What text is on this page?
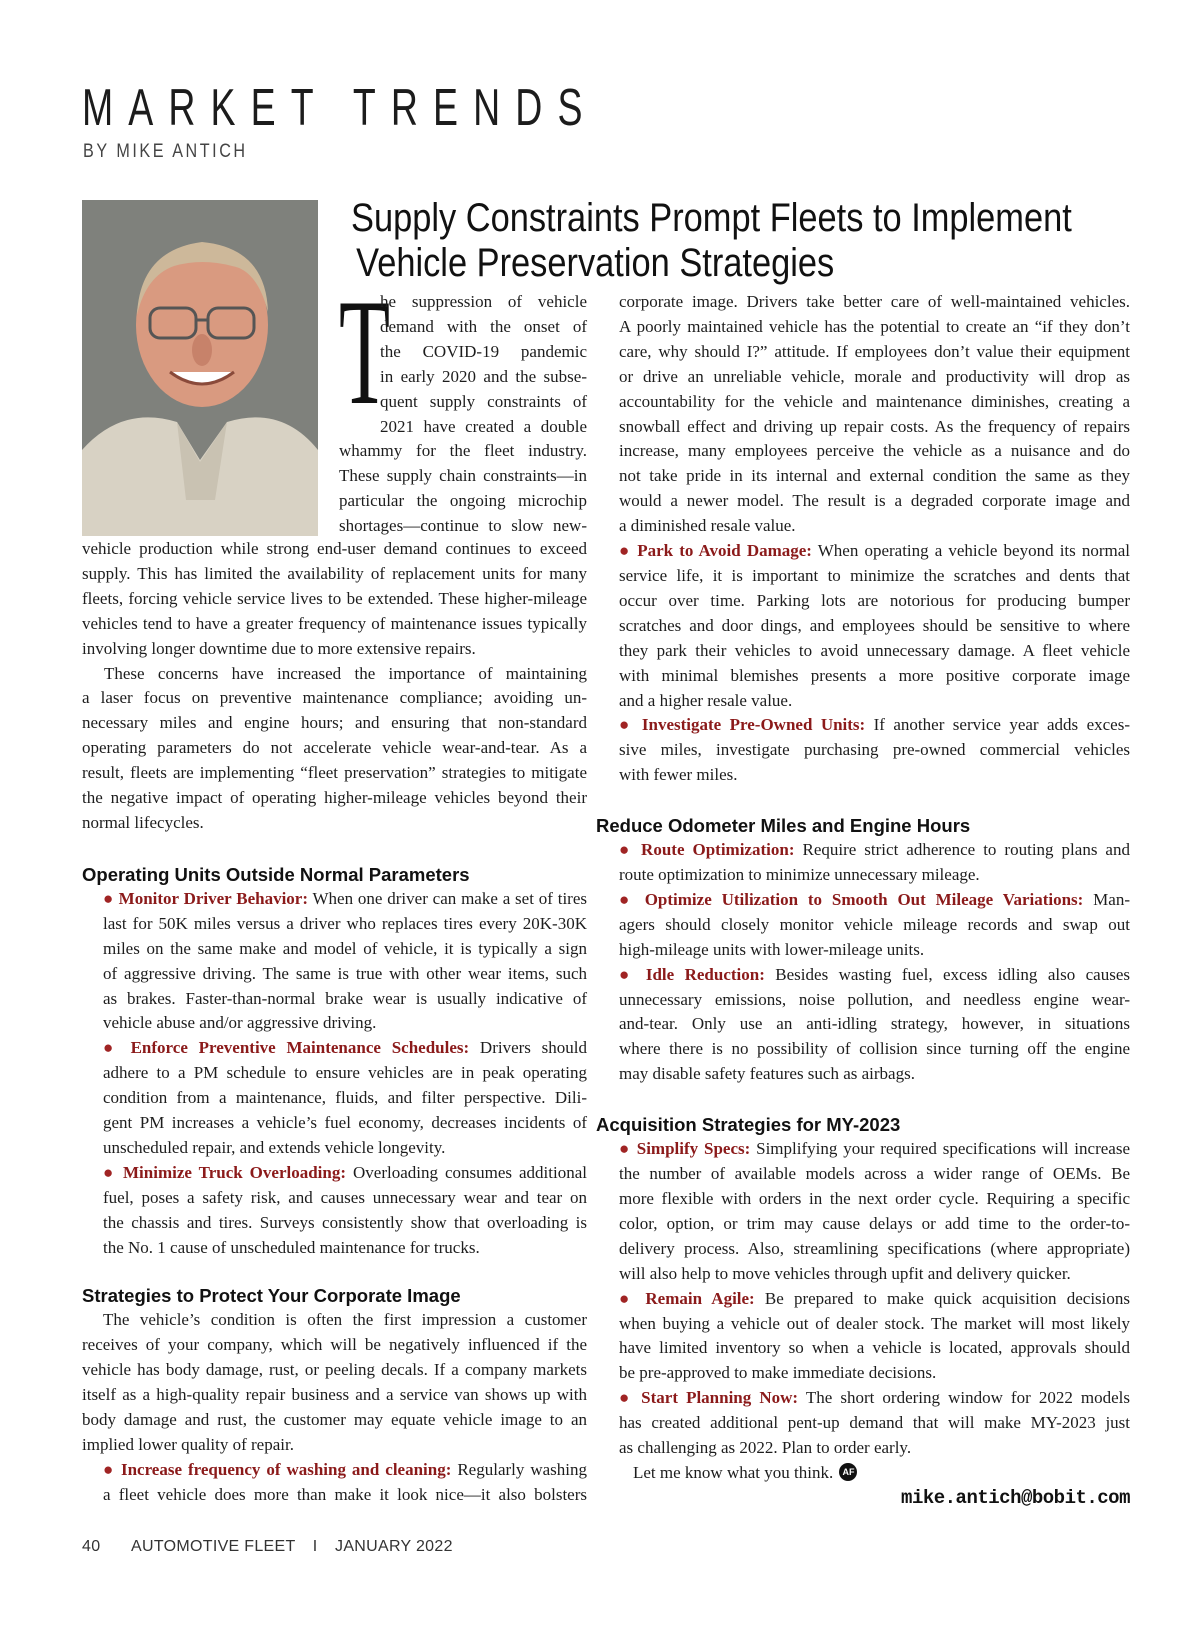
MARKET TRENDS
BY MIKE ANTICH
Supply Constraints Prompt Fleets to Implement
Vehicle Preservation Strategies
T
he suppression of vehicle
demand with the onset of
the COVID-19 pandemic
in early 2020 and the subse-
quent supply constraints of
2021 have created a double
whammy for the fleet industry.
These supply chain constraints—in
particular the ongoing microchip
shortages—continue to slow new-
vehicle production while strong end-user demand continues to exceed
supply. This has limited the availability of replacement units for many
fleets, forcing vehicle service lives to be extended. These higher-mileage
vehicles tend to have a greater frequency of maintenance issues typically
involving longer downtime due to more extensive repairs.
These concerns have increased the importance of maintaining
a laser focus on preventive maintenance compliance; avoiding un-
necessary miles and engine hours; and ensuring that non-standard
operating parameters do not accelerate vehicle wear-and-tear. As a
result, fleets are implementing “fleet preservation” strategies to mitigate
the negative impact of operating higher-mileage vehicles beyond their
normal lifecycles.
Operating Units Outside Normal Parameters
● Monitor Driver Behavior: When one driver can make a set of tires
last for 50K miles versus a driver who replaces tires every 20K-30K
miles on the same make and model of vehicle, it is typically a sign
of aggressive driving. The same is true with other wear items, such
as brakes. Faster-than-normal brake wear is usually indicative of
vehicle abuse and/or aggressive driving.
● Enforce Preventive Maintenance Schedules: Drivers should
adhere to a PM schedule to ensure vehicles are in peak operating
condition from a maintenance, fluids, and filter perspective. Dili-
gent PM increases a vehicle’s fuel economy, decreases incidents of
unscheduled repair, and extends vehicle longevity.
● Minimize Truck Overloading: Overloading consumes additional
fuel, poses a safety risk, and causes unnecessary wear and tear on
the chassis and tires. Surveys consistently show that overloading is
the No. 1 cause of unscheduled maintenance for trucks.
Strategies to Protect Your Corporate Image
The vehicle’s condition is often the first impression a customer
receives of your company, which will be negatively influenced if the
vehicle has body damage, rust, or peeling decals. If a company markets
itself as a high-quality repair business and a service van shows up with
body damage and rust, the customer may equate vehicle image to an
implied lower quality of repair.
● Increase frequency of washing and cleaning: Regularly washing
a fleet vehicle does more than make it look nice—it also bolsters
corporate image. Drivers take better care of well-maintained vehicles.
A poorly maintained vehicle has the potential to create an “if they don’t
care, why should I?” attitude. If employees don’t value their equipment
or drive an unreliable vehicle, morale and productivity will drop as
accountability for the vehicle and maintenance diminishes, creating a
snowball effect and driving up repair costs. As the frequency of repairs
increase, many employees perceive the vehicle as a nuisance and do
not take pride in its internal and external condition the same as they
would a newer model. The result is a degraded corporate image and
a diminished resale value.
● Park to Avoid Damage: When operating a vehicle beyond its normal
service life, it is important to minimize the scratches and dents that
occur over time. Parking lots are notorious for producing bumper
scratches and door dings, and employees should be sensitive to where
they park their vehicles to avoid unnecessary damage. A fleet vehicle
with minimal blemishes presents a more positive corporate image
and a higher resale value.
● Investigate Pre-Owned Units: If another service year adds exces-
sive miles, investigate purchasing pre-owned commercial vehicles
with fewer miles.
Reduce Odometer Miles and Engine Hours
● Route Optimization: Require strict adherence to routing plans and
route optimization to minimize unnecessary mileage.
● Optimize Utilization to Smooth Out Mileage Variations: Man-
agers should closely monitor vehicle mileage records and swap out
high-mileage units with lower-mileage units.
● Idle Reduction: Besides wasting fuel, excess idling also causes
unnecessary emissions, noise pollution, and needless engine wear-
and-tear. Only use an anti-idling strategy, however, in situations
where there is no possibility of collision since turning off the engine
may disable safety features such as airbags.
Acquisition Strategies for MY-2023
● Simplify Specs: Simplifying your required specifications will increase
the number of available models across a wider range of OEMs. Be
more flexible with orders in the next order cycle. Requiring a specific
color, option, or trim may cause delays or add time to the order-to-
delivery process. Also, streamlining specifications (where appropriate)
will also help to move vehicles through upfit and delivery quicker.
● Remain Agile: Be prepared to make quick acquisition decisions
when buying a vehicle out of dealer stock. The market will most likely
have limited inventory so when a vehicle is located, approvals should
be pre-approved to make immediate decisions.
● Start Planning Now: The short ordering window for 2022 models
has created additional pent-up demand that will make MY-2023 just
as challenging as 2022. Plan to order early.
Let me know what you think. AF
mike.antich@bobit.com
40 AUTOMOTIVE FLEET I JANUARY 2022
